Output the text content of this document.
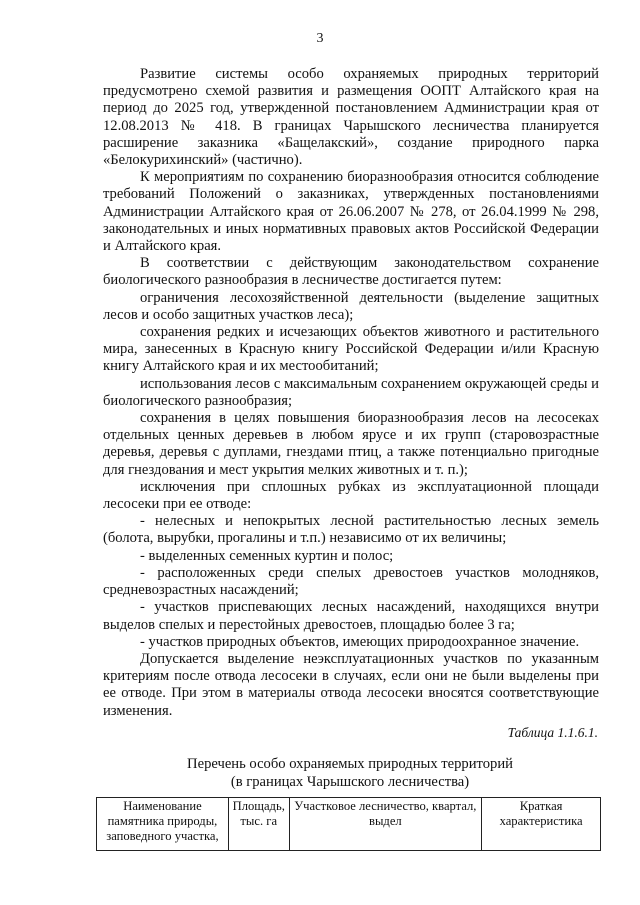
3

Развитие системы особо охраняемых природных территорий предусмотрено схемой развития и размещения ООПТ Алтайского края на период до 2025 год, утвержденной постановлением Администрации края от 12.08.2013 № 418. В границах Чарышского лесничества планируется расширение заказника «Бащелакский», создание природного парка «Белокурихинский» (частично).

К мероприятиям по сохранению биоразнообразия относится соблюдение требований Положений о заказниках, утвержденных постановлениями Администрации Алтайского края от 26.06.2007 № 278, от 26.04.1999 № 298, законодательных и иных нормативных правовых актов Российской Федерации и Алтайского края.

В соответствии с действующим законодательством сохранение биологического разнообразия в лесничестве достигается путем:

ограничения лесохозяйственной деятельности (выделение защитных лесов и особо защитных участков леса);

сохранения редких и исчезающих объектов животного и растительного мира, занесенных в Красную книгу Российской Федерации и/или Красную книгу Алтайского края и их местообитаний;

использования лесов с максимальным сохранением окружающей среды и биологического разнообразия;

сохранения в целях повышения биоразнообразия лесов на лесосеках отдельных ценных деревьев в любом ярусе и их групп (старовозрастные деревья, деревья с дуплами, гнездами птиц, а также потенциально пригодные для гнездования и мест укрытия мелких животных и т. п.);

исключения при сплошных рубках из эксплуатационной площади лесосеки при ее отводе:

- нелесных и непокрытых лесной растительностью лесных земель (болота, вырубки, прогалины и т.п.) независимо от их величины;

- выделенных семенных куртин и полос;

- расположенных среди спелых древостоев участков молодняков, средневозрастных насаждений;

- участков приспевающих лесных насаждений, находящихся внутри выделов спелых и перестойных древостоев, площадью более 3 га;

- участков природных объектов, имеющих природоохранное значение.

Допускается выделение неэксплуатационных участков по указанным критериям после отвода лесосеки в случаях, если они не были выделены при ее отводе. При этом в материалы отвода лесосеки вносятся соответствующие изменения.

Таблица 1.1.6.1.
Перечень особо охраняемых природных территорий
(в границах Чарышского лесничества)
Наименование памятника природы, заповедного участка,	Площадь, тыс. га	Участковое лесничество, квартал, выдел	Краткая характеристика
